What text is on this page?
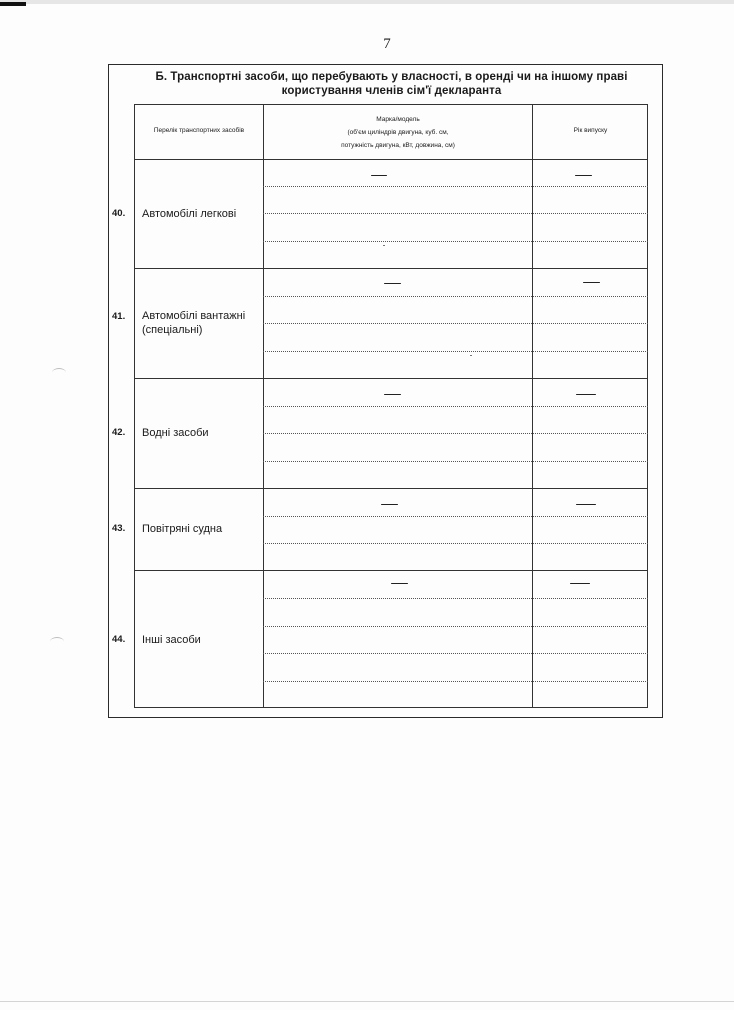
7
Б. Транспортні засоби, що перебувають у власності, в оренді чи на іншому праві
користування членів сім'ї декларанта
Перелік транспортних засобів
Марка/модель
(об'єм циліндрів двигуна, куб. см,
потужність двигуна, кВт, довжина, см)
Рік випуску
40.	Автомобілі легкові
41.	Автомобілі вантажні
(спеціальні)
42.	Водні засоби
43.	Повітряні судна
44.	Інші засоби
